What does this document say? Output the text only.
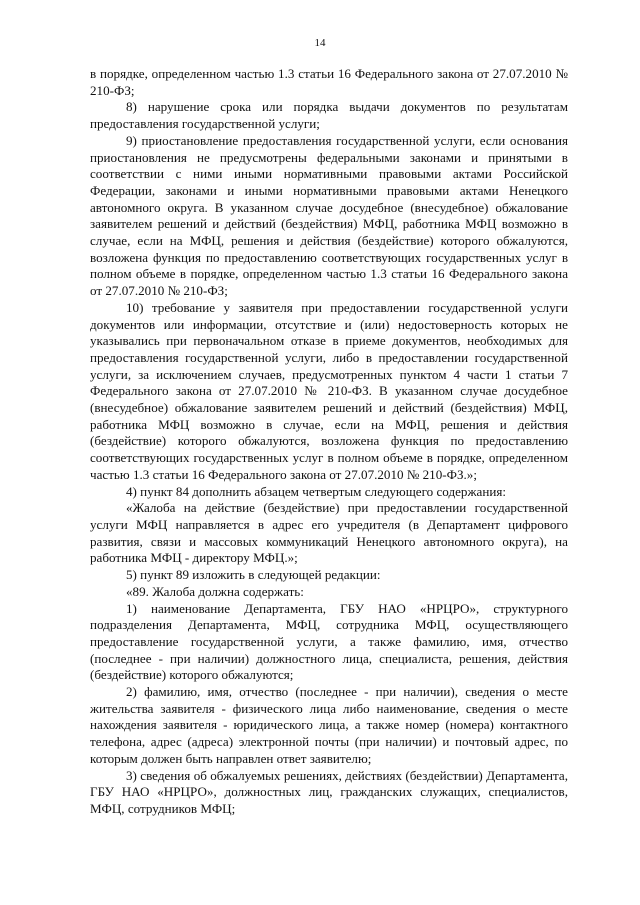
14

в порядке, определенном частью 1.3 статьи 16 Федерального закона от 27.07.2010 № 210-ФЗ;

8) нарушение срока или порядка выдачи документов по результатам предоставления государственной услуги;

9) приостановление предоставления государственной услуги, если основания приостановления не предусмотрены федеральными законами и принятыми в соответствии с ними иными нормативными правовыми актами Российской Федерации, законами и иными нормативными правовыми актами Ненецкого автономного округа. В указанном случае досудебное (внесудебное) обжалование заявителем решений и действий (бездействия) МФЦ, работника МФЦ возможно в случае, если на МФЦ, решения и действия (бездействие) которого обжалуются, возложена функция по предоставлению соответствующих государственных услуг в полном объеме в порядке, определенном частью 1.3 статьи 16 Федерального закона от 27.07.2010 № 210-ФЗ;

10) требование у заявителя при предоставлении государственной услуги документов или информации, отсутствие и (или) недостоверность которых не указывались при первоначальном отказе в приеме документов, необходимых для предоставления государственной услуги, либо в предоставлении государственной услуги, за исключением случаев, предусмотренных пунктом 4 части 1 статьи 7 Федерального закона от 27.07.2010 № 210-ФЗ. В указанном случае досудебное (внесудебное) обжалование заявителем решений и действий (бездействия) МФЦ, работника МФЦ возможно в случае, если на МФЦ, решения и действия (бездействие) которого обжалуются, возложена функция по предоставлению соответствующих государственных услуг в полном объеме в порядке, определенном частью 1.3 статьи 16 Федерального закона от 27.07.2010 № 210-ФЗ.»;

4) пункт 84 дополнить абзацем четвертым следующего содержания:

«Жалоба на действие (бездействие) при предоставлении государственной услуги МФЦ направляется в адрес его учредителя (в Департамент цифрового развития, связи и массовых коммуникаций Ненецкого автономного округа), на работника МФЦ - директору МФЦ.»;

5) пункт 89 изложить в следующей редакции:

«89. Жалоба должна содержать:

1) наименование Департамента, ГБУ НАО «НРЦРО», структурного подразделения Департамента, МФЦ, сотрудника МФЦ, осуществляющего предоставление государственной услуги, а также фамилию, имя, отчество (последнее - при наличии) должностного лица, специалиста, решения, действия (бездействие) которого обжалуются;

2) фамилию, имя, отчество (последнее - при наличии), сведения о месте жительства заявителя - физического лица либо наименование, сведения о месте нахождения заявителя - юридического лица, а также номер (номера) контактного телефона, адрес (адреса) электронной почты (при наличии) и почтовый адрес, по которым должен быть направлен ответ заявителю;

3) сведения об обжалуемых решениях, действиях (бездействии) Департамента, ГБУ НАО «НРЦРО», должностных лиц, гражданских служащих, специалистов, МФЦ, сотрудников МФЦ;
